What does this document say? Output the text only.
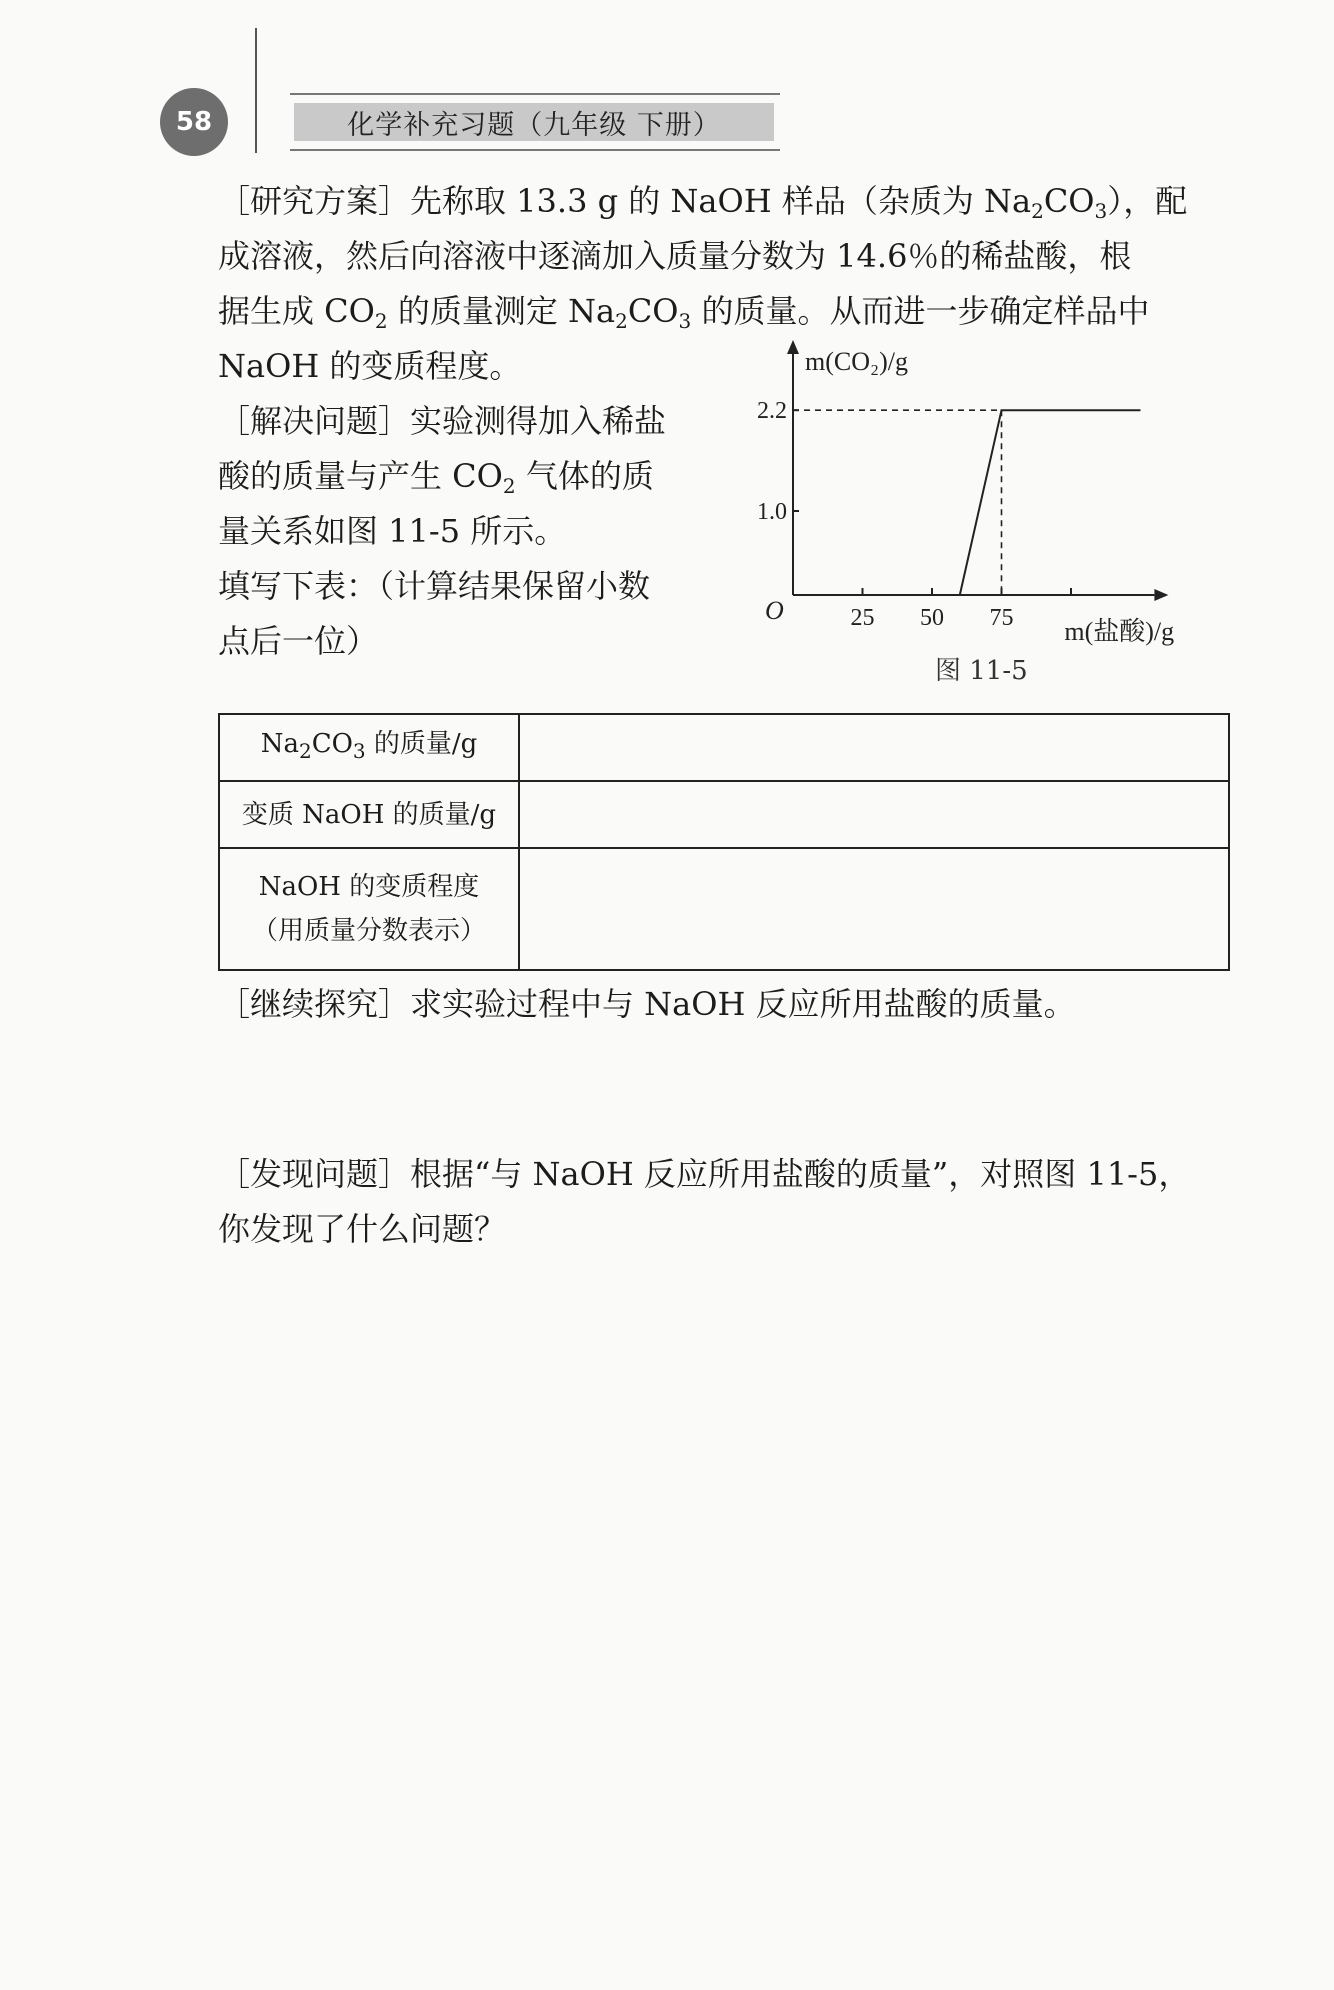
58	化学补充习题（九年级 下册）

［研究方案］先称取 13.3 g 的 NaOH 样品（杂质为 $Na_2CO_3$），配

成溶液，然后向溶液中逐滴加入质量分数为 14.6％的稀盐酸，根

据生成 $CO_2$ 的质量测定 $Na_2CO_3$ 的质量。从而进一步确定样品中

NaOH 的变质程度。

［解决问题］实验测得加入稀盐

酸的质量与产生 $CO_2$ 气体的质

量关系如图 11-5 所示。

填写下表：（计算结果保留小数

点后一位）

1.0
2.2
25 50 75
O
m(CO₂)/g
m(盐酸)/g
图 11-5
$Na_2CO_3$ 的质量/g	
变质 NaOH 的质量/g	

NaOH 的变质程度
（用质量分数表示）	

［继续探究］求实验过程中与 NaOH 反应所用盐酸的质量。

［发现问题］根据“与 NaOH 反应所用盐酸的质量”，对照图 11-5，

你发现了什么问题？
